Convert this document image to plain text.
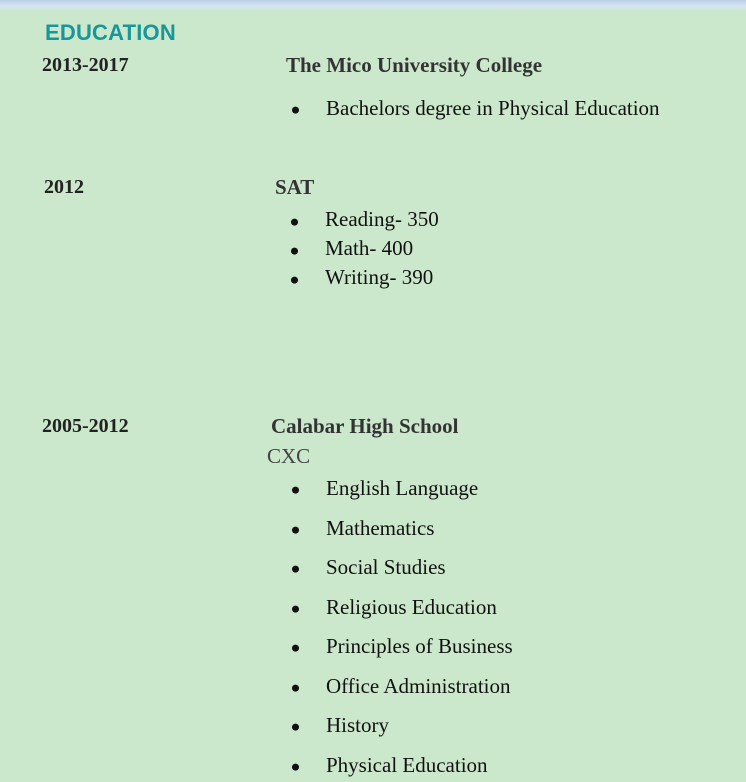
EDUCATION
2013-2017	The Mico University College
Bachelors degree in Physical Education
2012	SAT
Reading- 350
Math- 400
Writing- 390
2005-2012	Calabar High School
CXC
English Language
Mathematics
Social Studies
Religious Education
Principles of Business
Office Administration
History
Physical Education
